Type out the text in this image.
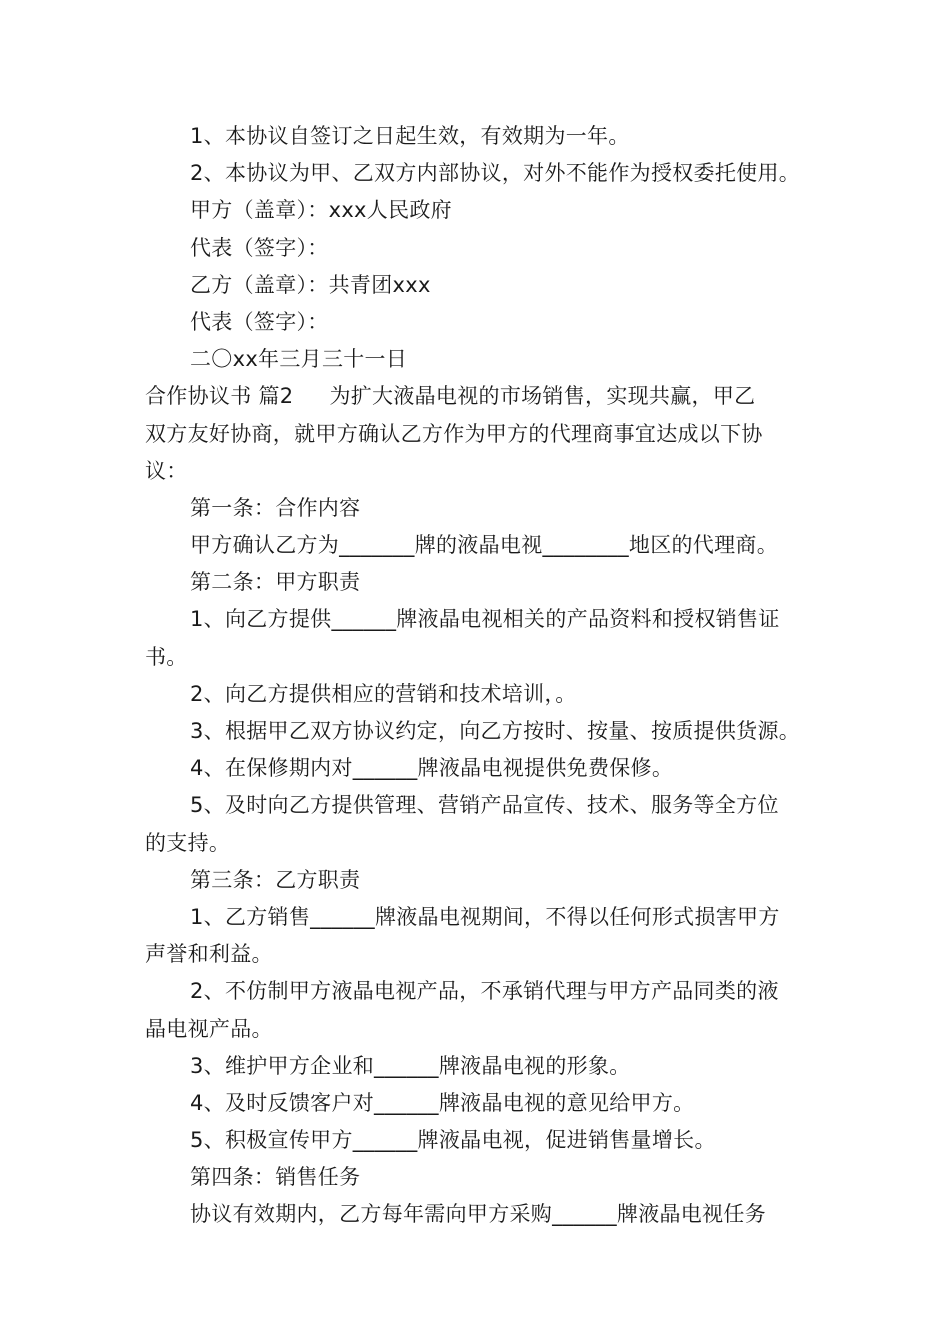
1、本协议自签订之日起生效，有效期为一年。
2、本协议为甲、乙双方内部协议，对外不能作为授权委托使用。
甲方（盖章）：xxx人民政府
代表（签字）：
乙方（盖章）：共青团xxx
代表（签字）：
二〇xx年三月三十一日
合作协议书 篇2 为扩大液晶电视的市场销售，实现共赢，甲乙
双方友好协商，就甲方确认乙方作为甲方的代理商事宜达成以下协
议：
第一条：合作内容
甲方确认乙方为_______牌的液晶电视________地区的代理商。
第二条：甲方职责
1、向乙方提供______牌液晶电视相关的产品资料和授权销售证
书。
2、向乙方提供相应的营销和技术培训，。
3、根据甲乙双方协议约定，向乙方按时、按量、按质提供货源。
4、在保修期内对______牌液晶电视提供免费保修。
5、及时向乙方提供管理、营销产品宣传、技术、服务等全方位
的支持。
第三条：乙方职责
1、乙方销售______牌液晶电视期间，不得以任何形式损害甲方
声誉和利益。
2、不仿制甲方液晶电视产品，不承销代理与甲方产品同类的液
晶电视产品。
3、维护甲方企业和______牌液晶电视的形象。
4、及时反馈客户对______牌液晶电视的意见给甲方。
5、积极宣传甲方______牌液晶电视，促进销售量增长。
第四条：销售任务
协议有效期内，乙方每年需向甲方采购______牌液晶电视任务
